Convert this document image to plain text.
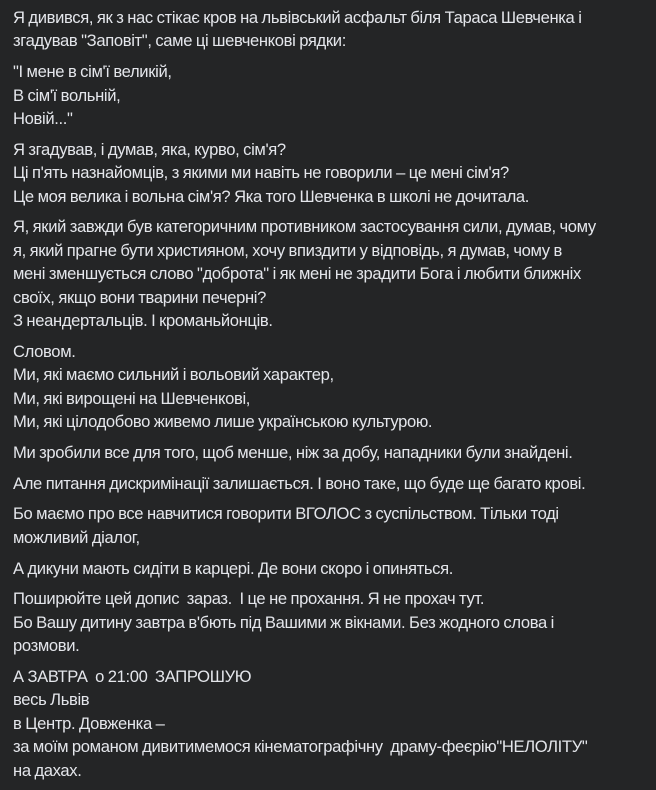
Я дивився, як з нас стікає кров на львівський асфальт біля Тараса Шевченка і
згадував "Заповіт", саме ці шевченкові рядки:

"І мене в сім'ї великій,
В сім'ї вольній,
Новій..."

Я згадував, і думав, яка, курво, сім'я?
Ці п'ять назнайомців, з якими ми навіть не говорили – це мені сім'я?
Це моя велика і вольна сім'я? Яка того Шевченка в школі не дочитала.

Я, який завжди був категоричним противником застосування сили, думав, чому
я, який прагне бути християном, хочу впиздити у відповідь, я думав, чому в
мені зменшується слово "доброта" і як мені не зрадити Бога і любити ближніх
своїх, якщо вони тварини печерні?
З неандертальців. І кроманьйонців.

Словом.
Ми, які маємо сильний і вольовий характер,
Ми, які вирощені на Шевченкові,
Ми, які цілодобово живемо лише українською культурою.

Ми зробили все для того, щоб менше, ніж за добу, нападники були знайдені.

Але питання дискримінації залишається. І воно таке, що буде ще багато крові.

Бо маємо про все навчитися говорити ВГОЛОС з суспільством. Тільки тоді
можливий діалог,

А дикуни мають сидіти в карцері. Де вони скоро і опиняться.

Поширюйте цей допис  зараз.  І це не прохання. Я не прохач тут.
Бо Вашу дитину завтра в'бють під Вашими ж вікнами. Без жодного слова і
розмови.

А ЗАВТРА  о 21:00  ЗАПРОШУЮ
весь Львів
в Центр. Довженка –
за моїм романом дивитимемося кінематографічну  драму-феєрію"НЕЛОЛІТУ"
на дахах.
